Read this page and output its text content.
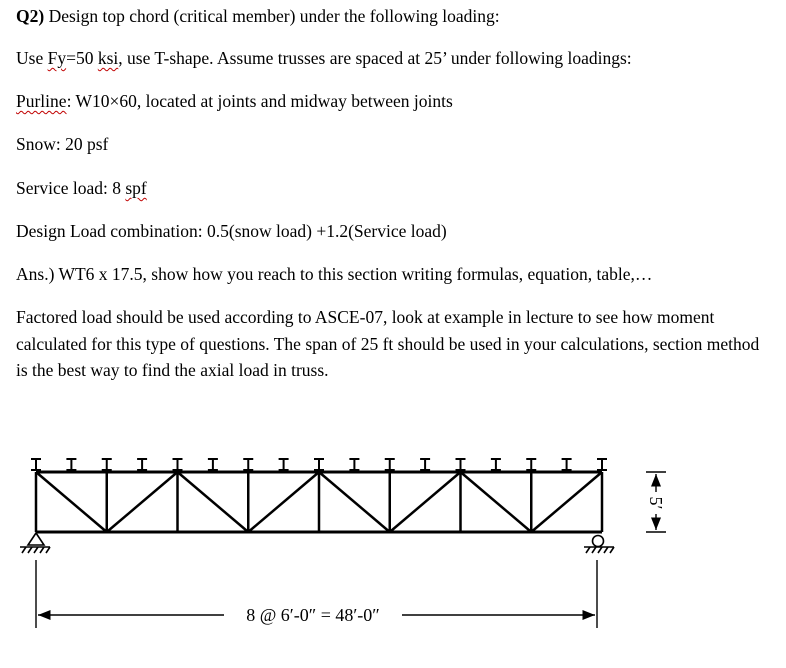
Q2) Design top chord (critical member) under the following loading:
Use Fy=50 ksi, use T-shape. Assume trusses are spaced at 25’ under following loadings:
Purline: W10×60, located at joints and midway between joints
Snow: 20 psf
Service load: 8 spf
Design Load combination: 0.5(snow load) +1.2(Service load)
Ans.) WT6 x 17.5, show how you reach to this section writing formulas, equation, table,…
Factored load should be used according to ASCE-07, look at example in lecture to see how moment calculated for this type of questions. The span of 25 ft should be used in your calculations, section method is the best way to find the axial load in truss.
5′
8 @ 6′-0″ = 48′-0″
